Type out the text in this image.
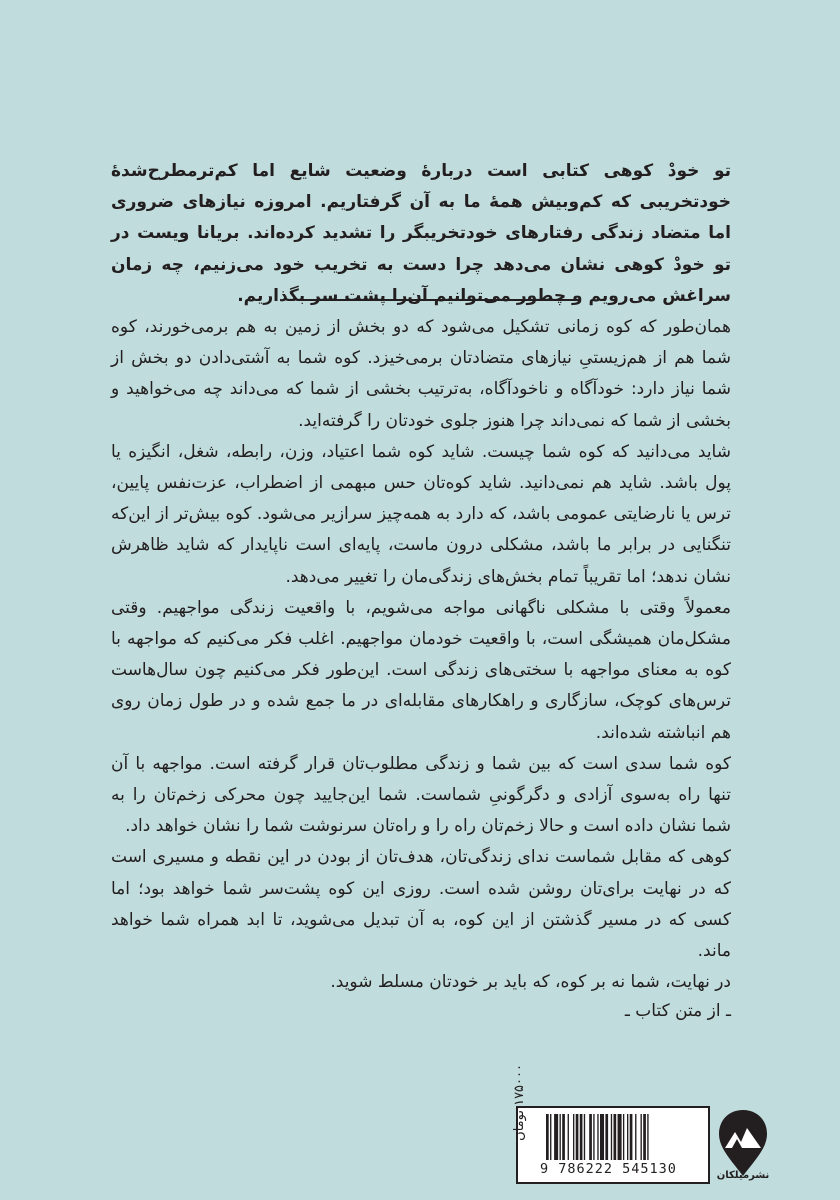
تو خودْ کوهی کتابی است دربارهٔ وضعیت شایع اما کم‌ترمطرح‌شدهٔ خودتخریبی که کم‌وبیش همهٔ ما به آن گرفتاریم. امروزه نیازهای ضروری اما متضاد زندگی رفتارهای خودتخریبگر را تشدید کرده‌اند. بریانا ویست در تو خودْ کوهی نشان می‌دهد چرا دست به تخریب خود می‌زنیم، چه زمان سراغش می‌رویم و چطور می‌توانیم آن‌را پشت سر بگذاریم.

همان‌طور که کوه زمانی تشکیل می‌شود که دو بخش از زمین به هم برمی‌خورند، کوه شما هم از هم‌زیستیِ نیازهای متضادتان برمی‌خیزد. کوه شما به آشتی‌دادن دو بخش از شما نیاز دارد: خودآگاه و ناخودآگاه، به‌ترتیب بخشی از شما که می‌داند چه می‌خواهید و بخشی از شما که نمی‌داند چرا هنوز جلوی خودتان را گرفته‌اید.

شاید می‌دانید که کوه شما چیست. شاید کوه شما اعتیاد، وزن، رابطه، شغل، انگیزه یا پول باشد. شاید هم نمی‌دانید. شاید کوه‌تان حس مبهمی از اضطراب، عزت‌نفس پایین، ترس یا نارضایتی عمومی باشد، که دارد به همه‌چیز سرازیر می‌شود. کوه بیش‌تر از این‌که تنگنایی در برابر ما باشد، مشکلی درون ماست، پایه‌ای است ناپایدار که شاید ظاهرش نشان ندهد؛ اما تقریباً تمام بخش‌های زندگی‌مان را تغییر می‌دهد.

معمولاً وقتی با مشکلی ناگهانی مواجه می‌شویم، با واقعیت زندگی مواجهیم. وقتی مشکل‌مان همیشگی است، با واقعیت خودمان مواجهیم. اغلب فکر می‌کنیم که مواجهه با کوه به معنای مواجهه با سختی‌های زندگی است. این‌طور فکر می‌کنیم چون سال‌هاست ترس‌های کوچک، سازگاری و راهکارهای مقابله‌ای در ما جمع شده و در طول زمان روی هم انباشته شده‌اند.

کوه شما سدی است که بین شما و زندگی مطلوب‌تان قرار گرفته است. مواجهه با آن تنها راه به‌سوی آزادی و دگرگونیِ شماست. شما این‌جایید چون محرکی زخم‌تان را به شما نشان داده است و حالا زخم‌تان راه را و راه‌تان سرنوشت شما را نشان خواهد داد.

کوهی که مقابل شماست ندای زندگی‌تان، هدف‌تان از بودن در این نقطه و مسیری است که در نهایت برای‌تان روشن شده است. روزی این کوه پشت‌سر شما خواهد بود؛ اما کسی که در مسیر گذشتن از این کوه، به آن تبدیل می‌شوید، تا ابد همراه شما خواهد ماند.

در نهایت، شما نه بر کوه، که باید بر خودتان مسلط شوید.

ـ از متن کتاب ـ

9 786222 545130
۱۷۵۰۰۰ تومان
نشرمیلکان
